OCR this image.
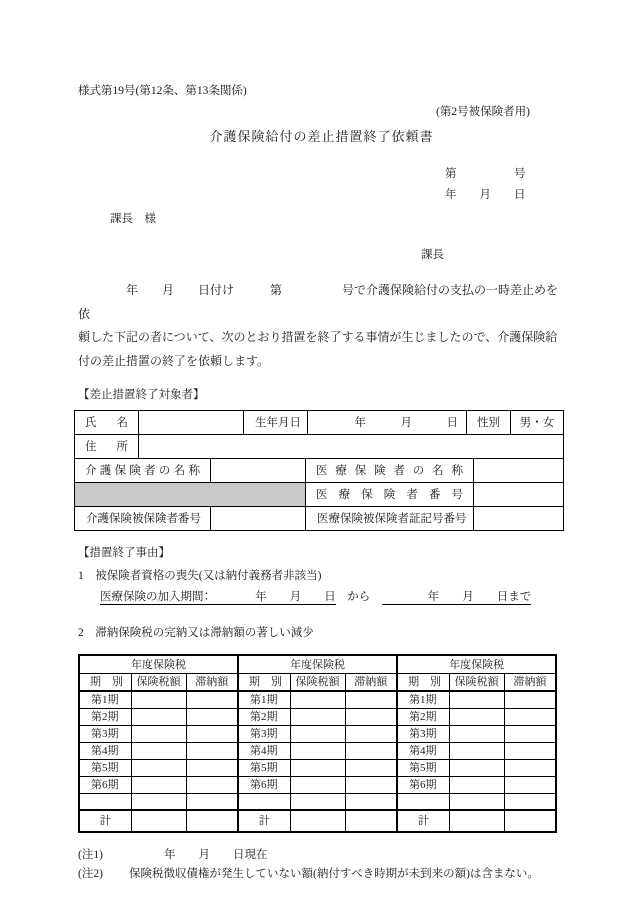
様式第19号(第12条、第13条関係)
(第2号被保険者用)
介護保険給付の差止措置終了依頼書
第　　　　　号
年　　月　　日
課長　様
課長
　　　　年　　月　　日付け　　　第　　　　　号で介護保険給付の支払の一時差止めを依
頼した下記の者について、次のとおり措置を終了する事情が生じましたので、介護保険給
付の差止措置の終了を依頼します。
【差止措置終了対象者】
氏　名		生年月日	年　　　月　　　日	性別	男・女
住　所					
介護保険者の名称		医療保険者の名称	
		医療保険者番号	
介護保険被保険者番号		医療保険被保険者証記号番号	
【措置終了事由】
1　被保険者資格の喪失(又は納付義務者非該当)
医療保険の加入期間：　　　　年　　月　　日　から　　　　　年　　月　　日まで
2　滞納保険税の完納又は滞納額の著しい減少
年度保険税			年度保険税			年度保険税		
期　別	保険税額	滞納額	期　別	保険税額	滞納額	期　別	保険税額	滞納額
第1期			第1期			第1期		
第2期			第2期			第2期		
第3期			第3期			第3期		
第4期			第4期			第4期		
第5期			第5期			第5期		
第6期			第6期			第6期		

計			計			計		
(注1)	年　　月　　日現在
(注2) 保険税徴収債権が発生していない額(納付すべき時期が未到来の額)は含まない。
